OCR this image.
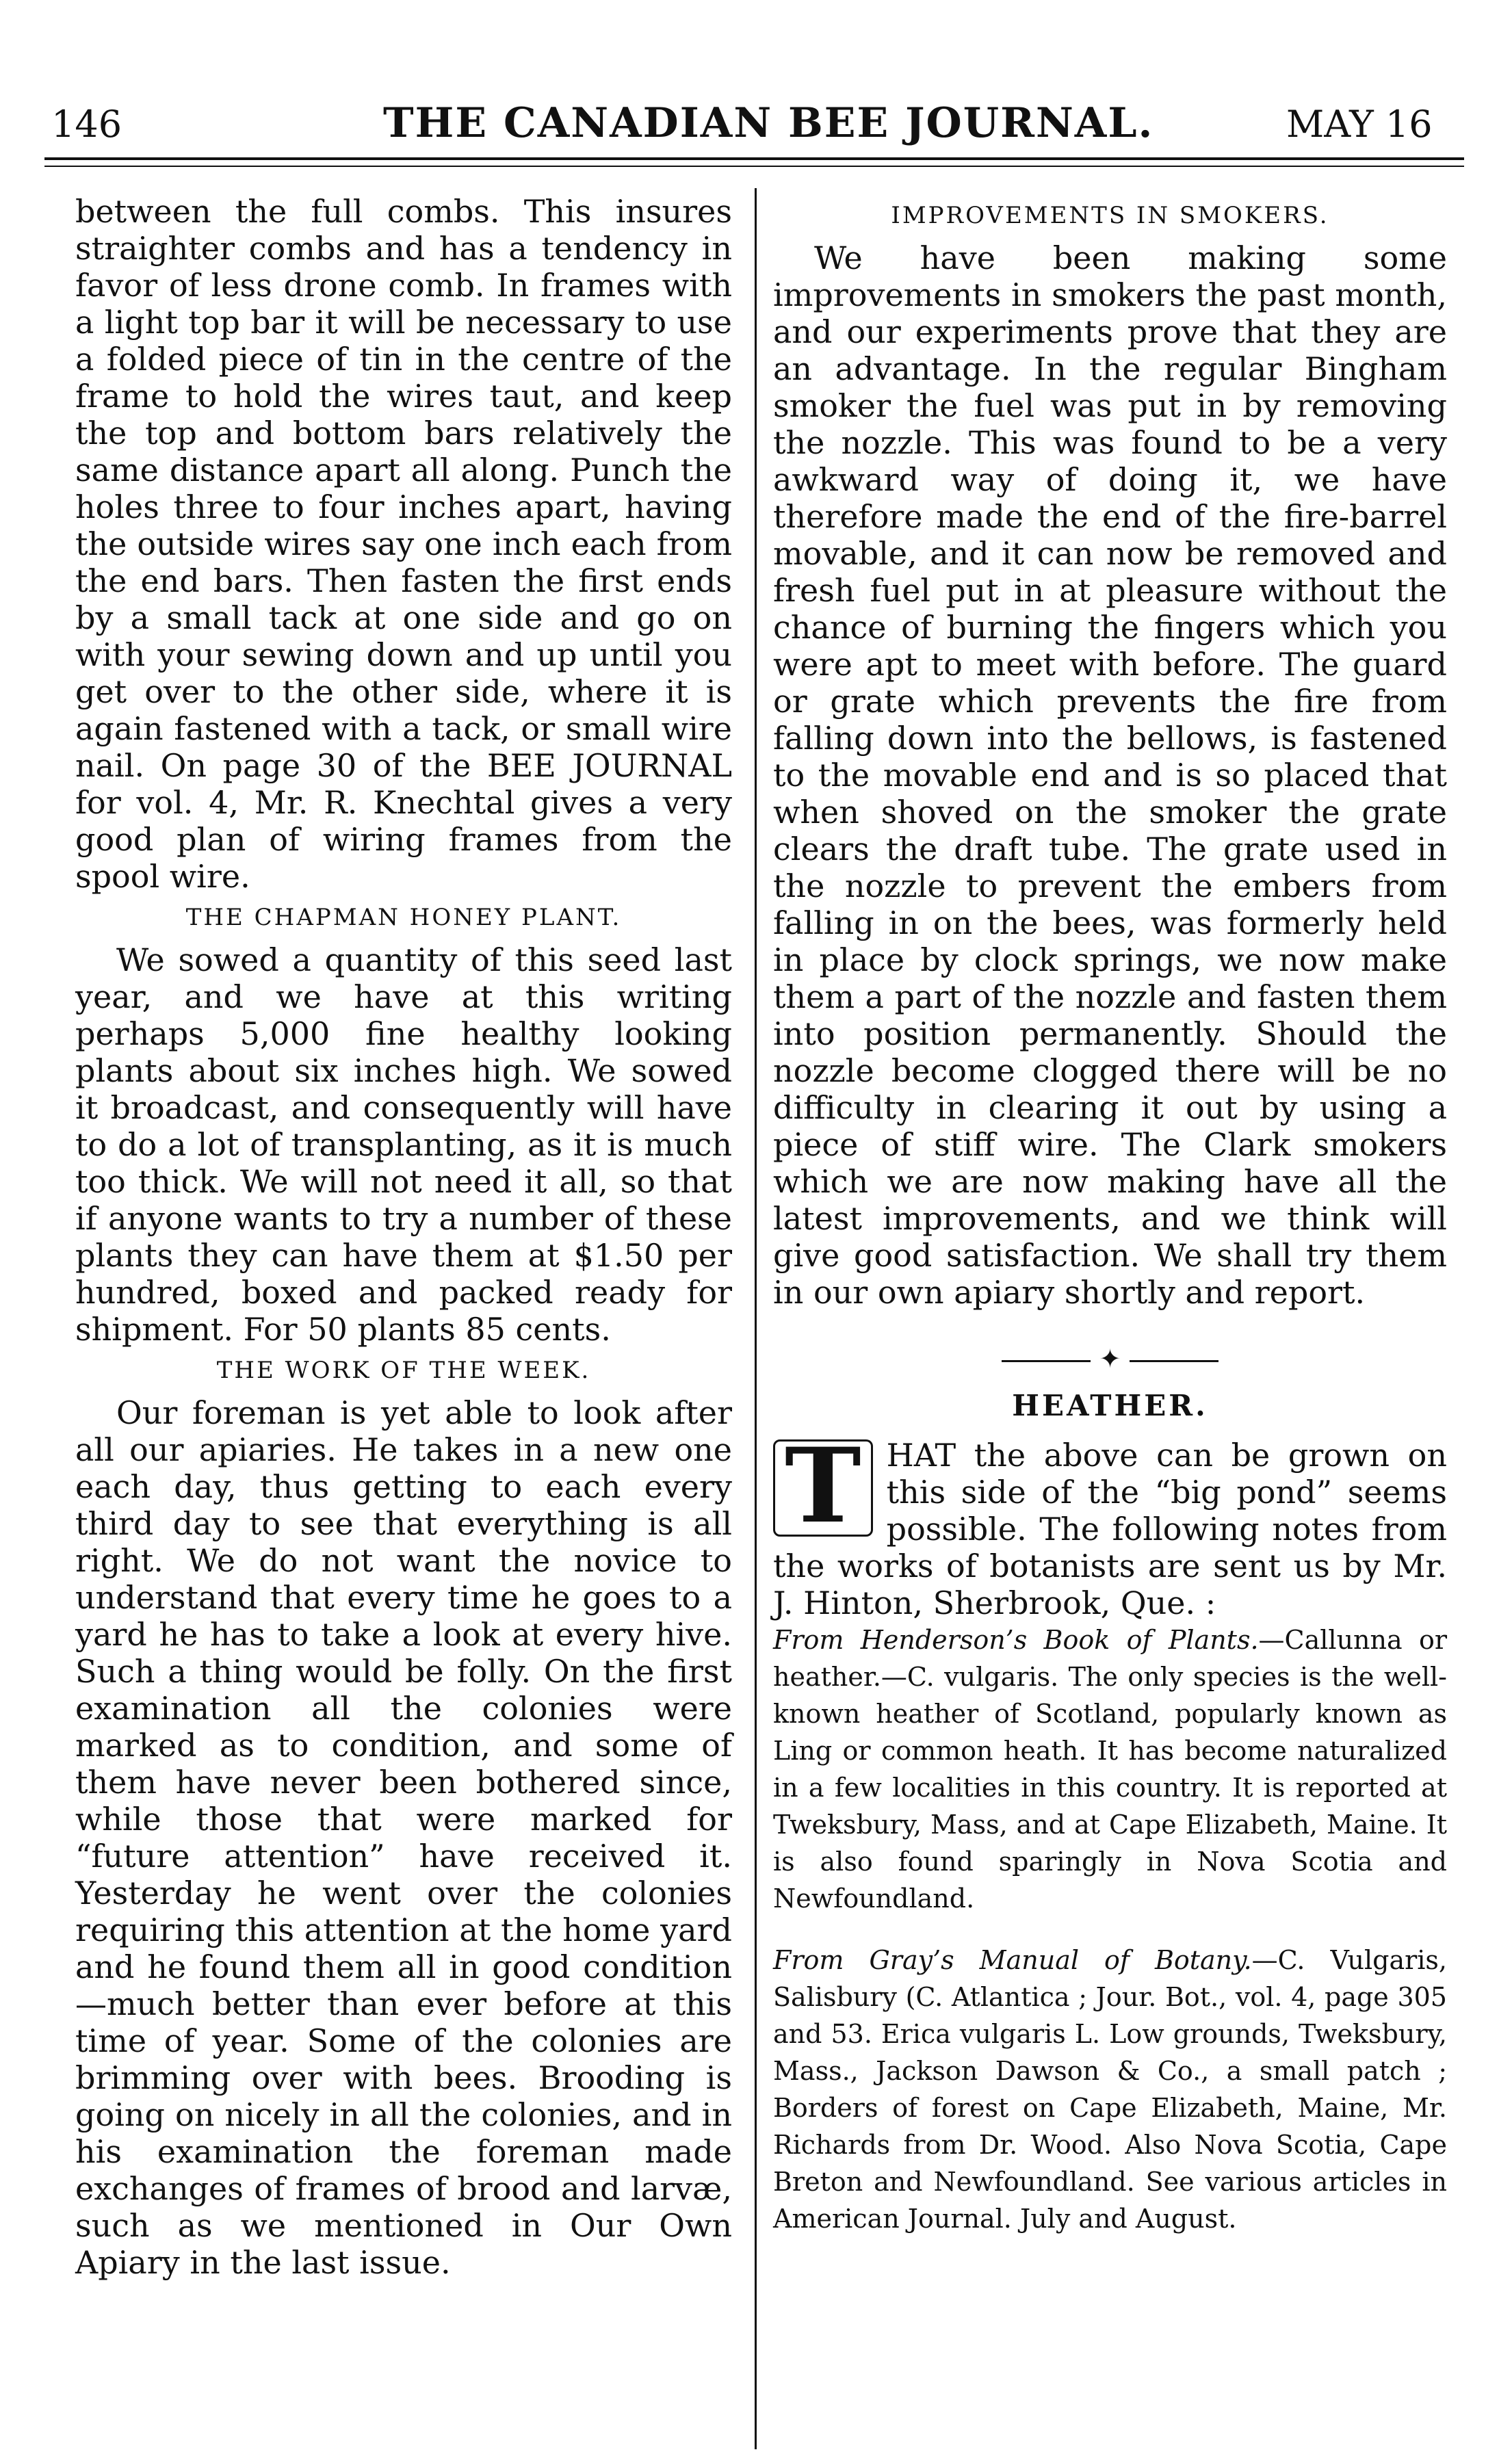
146	THE CANADIAN BEE JOURNAL.	MAY 16

between the full combs. This insures straighter combs and has a tendency in favor of less drone comb. In frames with a light top bar it will be necessary to use a folded piece of tin in the centre of the frame to hold the wires taut, and keep the top and bottom bars relatively the same distance apart all along. Punch the holes three to four inches apart, having the outside wires say one inch each from the end bars. Then fasten the first ends by a small tack at one side and go on with your sewing down and up until you get over to the other side, where it is again fastened with a tack, or small wire nail. On page 30 of the BEE JOURNAL for vol. 4, Mr. R. Knechtal gives a very good plan of wiring frames from the spool wire.

THE CHAPMAN HONEY PLANT.

We sowed a quantity of this seed last year, and we have at this writing perhaps 5,000 fine healthy looking plants about six inches high. We sowed it broadcast, and consequently will have to do a lot of transplanting, as it is much too thick. We will not need it all, so that if anyone wants to try a number of these plants they can have them at $1.50 per hundred, boxed and packed ready for shipment. For 50 plants 85 cents.

THE WORK OF THE WEEK.

Our foreman is yet able to look after all our apiaries. He takes in a new one each day, thus getting to each every third day to see that everything is all right. We do not want the novice to understand that every time he goes to a yard he has to take a look at every hive. Such a thing would be folly. On the first examination all the colonies were marked as to condition, and some of them have never been bothered since, while those that were marked for “future attention” have received it. Yesterday he went over the colonies requiring this attention at the home yard and he found them all in good condition —much better than ever before at this time of year. Some of the colonies are brimming over with bees. Brooding is going on nicely in all the colonies, and in his examination the foreman made exchanges of frames of brood and larvæ, such as we mentioned in Our Own Apiary in the last issue.

IMPROVEMENTS IN SMOKERS.

We have been making some improvements in smokers the past month, and our experiments prove that they are an advantage. In the regular Bingham smoker the fuel was put in by removing the nozzle. This was found to be a very awkward way of doing it, we have therefore made the end of the fire-barrel movable, and it can now be removed and fresh fuel put in at pleasure without the chance of burning the fingers which you were apt to meet with before. The guard or grate which prevents the fire from falling down into the bellows, is fastened to the movable end and is so placed that when shoved on the smoker the grate clears the draft tube. The grate used in the nozzle to prevent the embers from falling in on the bees, was formerly held in place by clock springs, we now make them a part of the nozzle and fasten them into position permanently. Should the nozzle become clogged there will be no difficulty in clearing it out by using a piece of stiff wire. The Clark smokers which we are now making have all the latest improvements, and we think will give good satisfaction. We shall try them in our own apiary shortly and report.

✦
HEATHER.
T HAT the above can be grown on this side of the “big pond” seems possible. The following notes from the works of botanists are sent us by Mr. J. Hinton, Sherbrook, Que. :

From Henderson’s Book of Plants.—Callunna or heather.—C. vulgaris. The only species is the well-known heather of Scotland, popularly known as Ling or common heath. It has become naturalized in a few localities in this country. It is reported at Tweksbury, Mass, and at Cape Elizabeth, Maine. It is also found sparingly in Nova Scotia and Newfoundland.

From Gray’s Manual of Botany.—C. Vulgaris, Salisbury (C. Atlantica ; Jour. Bot., vol. 4, page 305 and 53. Erica vulgaris L. Low grounds, Tweksbury, Mass., Jackson Dawson & Co., a small patch ; Borders of forest on Cape Elizabeth, Maine, Mr. Richards from Dr. Wood. Also Nova Scotia, Cape Breton and Newfoundland. See various articles in American Journal. July and August.
